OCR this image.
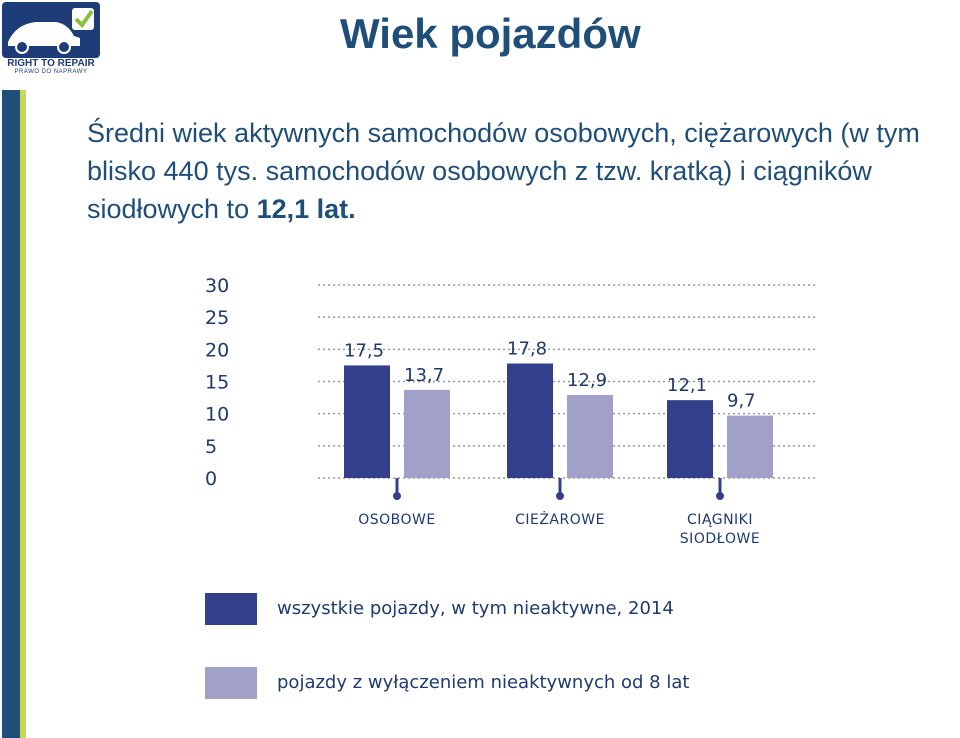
RIGHT TO REPAIR
PRAWO DO NAPRAWY
Wiek pojazdów

Średni wiek aktywnych samochodów osobowych, ciężarowych (w tym blisko 440 tys. samochodów osobowych z tzw. kratką) i ciągników siodłowych to 12,1 lat.

30
25
20
15
10
5
0
17,5	17,8
12,1
13,7	12,9
9,7
OSOBOWE	CIEŻAROWE	CIĄGNIKI
SIODŁOWE
wszystkie pojazdy, w tym nieaktywne, 2014
pojazdy z wyłączeniem nieaktywnych od 8 lat
